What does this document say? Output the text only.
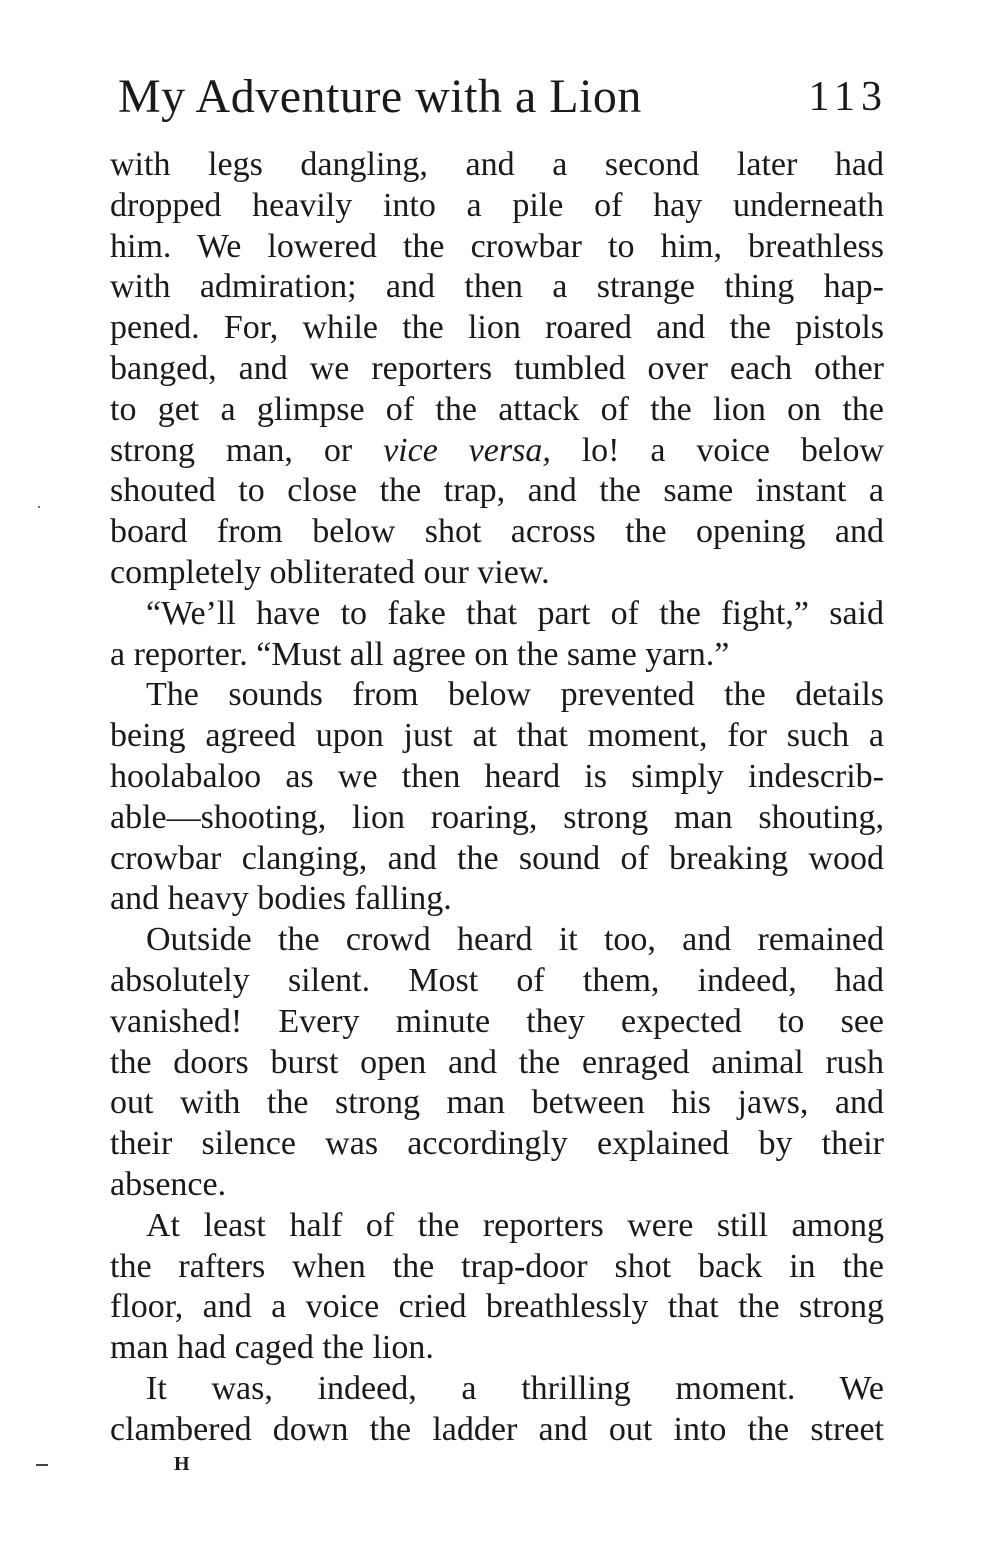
My Adventure with a Lion	113
with legs dangling, and a second later had
dropped heavily into a pile of hay underneath
him. We lowered the crowbar to him, breathless
with admiration; and then a strange thing hap-
pened. For, while the lion roared and the pistols
banged, and we reporters tumbled over each other
to get a glimpse of the attack of the lion on the
strong man, or vice versa, lo! a voice below
shouted to close the trap, and the same instant a
board from below shot across the opening and
completely obliterated our view.
“We’ll have to fake that part of the fight,” said
a reporter. “Must all agree on the same yarn.”
The sounds from below prevented the details
being agreed upon just at that moment, for such a
hoolabaloo as we then heard is simply indescrib-
able—shooting, lion roaring, strong man shouting,
crowbar clanging, and the sound of breaking wood
and heavy bodies falling.
Outside the crowd heard it too, and remained
absolutely silent. Most of them, indeed, had
vanished! Every minute they expected to see
the doors burst open and the enraged animal rush
out with the strong man between his jaws, and
their silence was accordingly explained by their
absence.
At least half of the reporters were still among
the rafters when the trap-door shot back in the
floor, and a voice cried breathlessly that the strong
man had caged the lion.
It was, indeed, a thrilling moment. We
clambered down the ladder and out into the street
H
